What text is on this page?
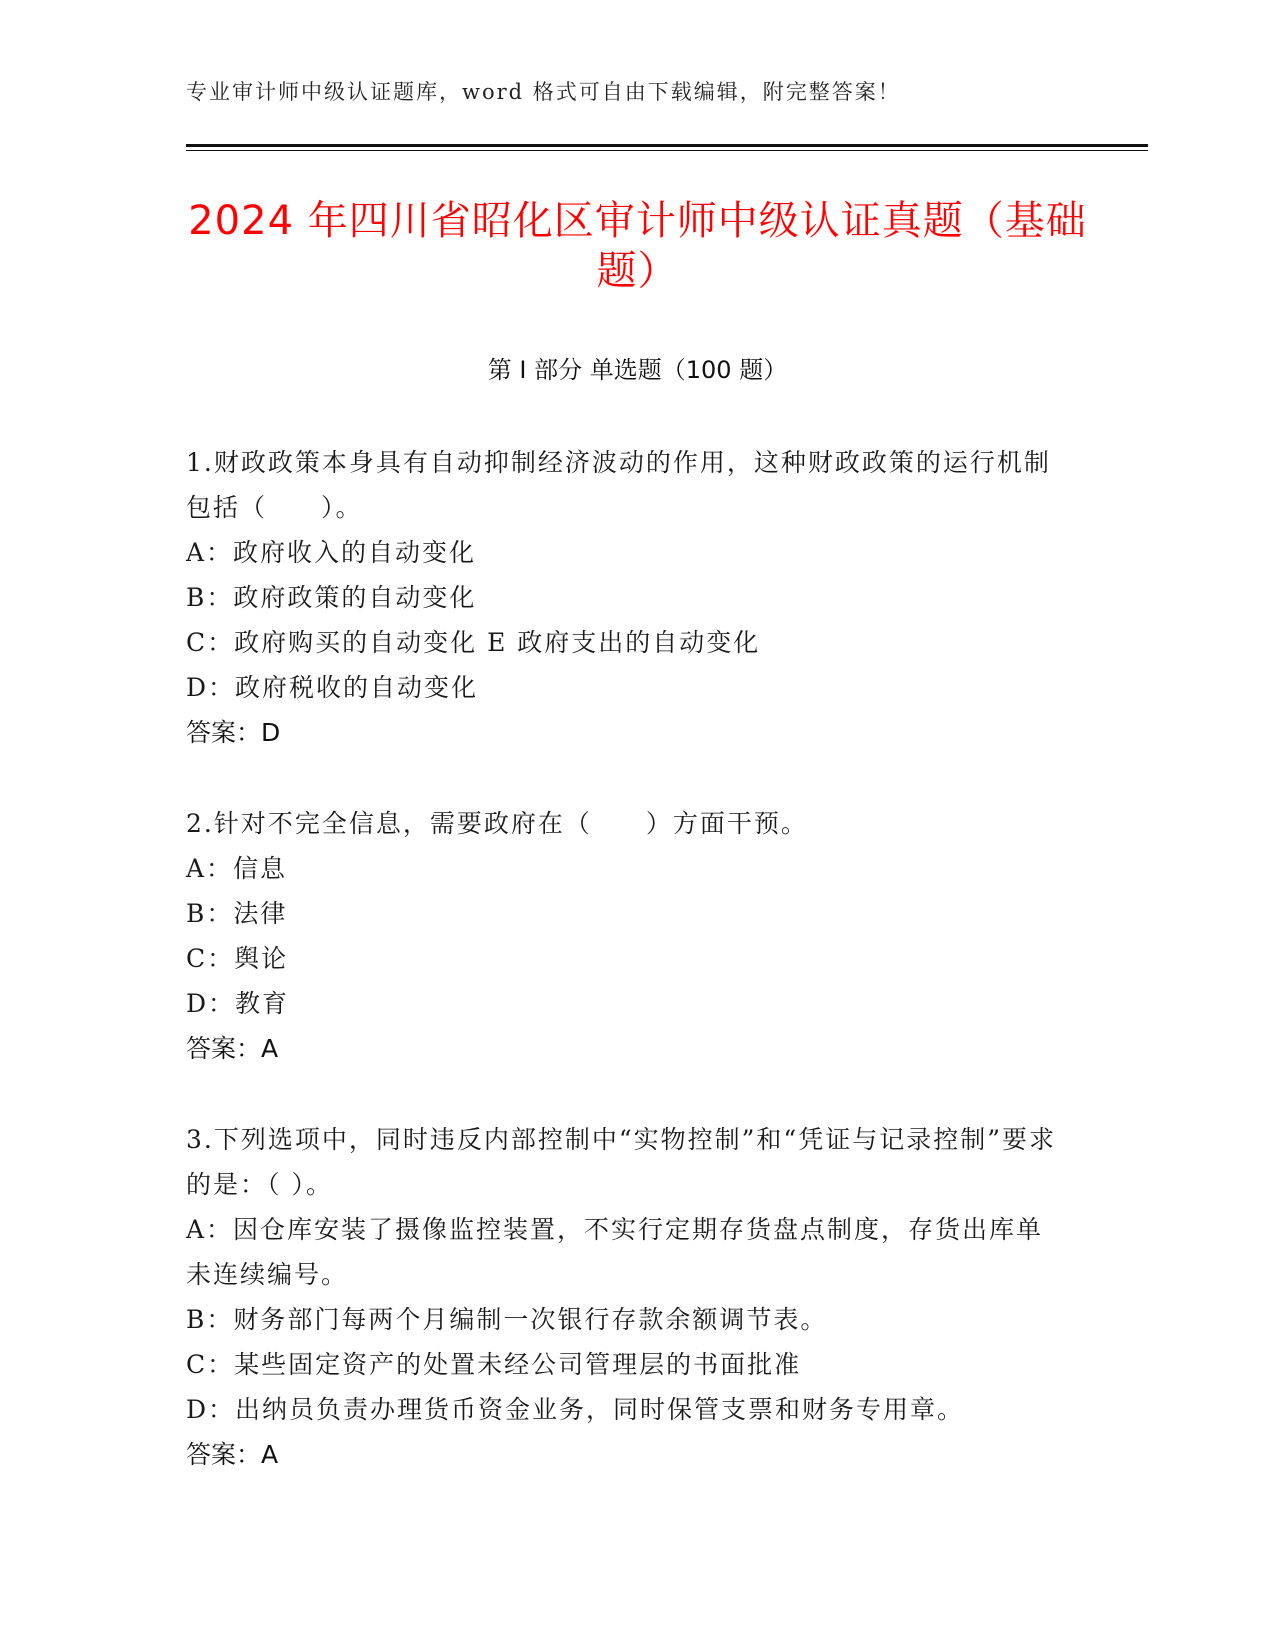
专业审计师中级认证题库，word 格式可自由下载编辑，附完整答案！
2024 年四川省昭化区审计师中级认证真题（基础题）
第 I 部分 单选题（100 题）
1.财政政策本身具有自动抑制经济波动的作用，这种财政政策的运行机制包括（　　）。
A：政府收入的自动变化
B：政府政策的自动变化
C：政府购买的自动变化 E 政府支出的自动变化
D：政府税收的自动变化
答案：D
2.针对不完全信息，需要政府在（　　）方面干预。
A：信息
B：法律
C：舆论
D：教育
答案：A
3.下列选项中，同时违反内部控制中“实物控制”和“凭证与记录控制”要求的是：（ ）。
A：因仓库安装了摄像监控装置，不实行定期存货盘点制度，存货出库单未连续编号。
B：财务部门每两个月编制一次银行存款余额调节表。
C：某些固定资产的处置未经公司管理层的书面批准
D：出纳员负责办理货币资金业务，同时保管支票和财务专用章。
答案：A
